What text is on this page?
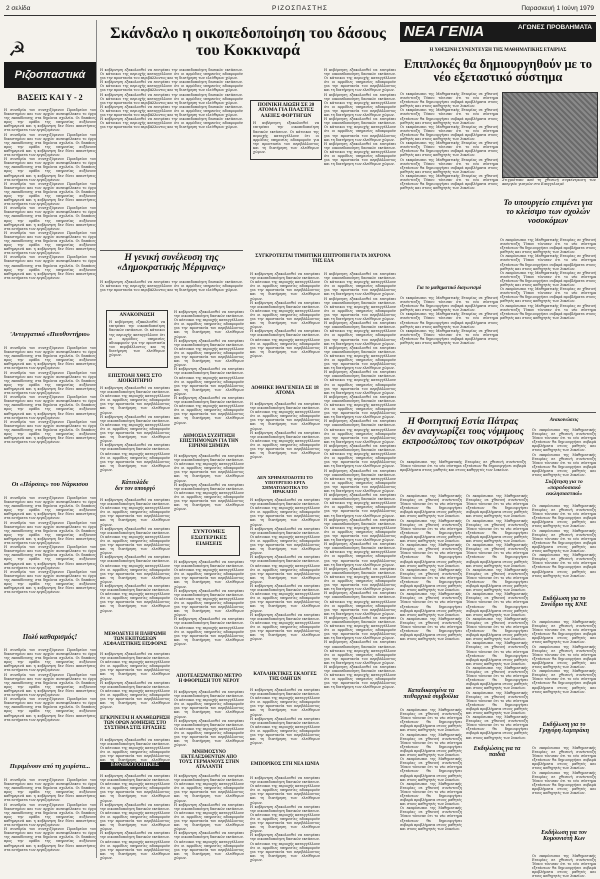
2 σελίδα	ΡΙΖΟΣΠΑΣΤΗΣ	Παρασκευή 1 Ιούνη 1979
☭
Ριζοσπαστικά
ΒΑΣΕΙΣ ΚΑΙ Υ - 2
Η συνεδρία του συνεχιζόμενου Προεδρείου του δικαστηρίου και των αρχών ανεπιφύλακτο το έργο της εκπαίδευσης στα δημόσια σχολεία. Οι δαπάνες προς την ομάδα της υπηρεσίας αυξάνουν καθημερινά και η κυβέρνηση δεν δίνει απαντήσεις στα αιτήματα των εργαζομένων.
Η συνεδρία του συνεχιζόμενου Προεδρείου του δικαστηρίου και των αρχών ανεπιφύλακτο το έργο της εκπαίδευσης στα δημόσια σχολεία. Οι δαπάνες προς την ομάδα της υπηρεσίας αυξάνουν καθημερινά και η κυβέρνηση δεν δίνει απαντήσεις στα αιτήματα των εργαζομένων.
Η συνεδρία του συνεχιζόμενου Προεδρείου του δικαστηρίου και των αρχών ανεπιφύλακτο το έργο της εκπαίδευσης στα δημόσια σχολεία. Οι δαπάνες προς την ομάδα της υπηρεσίας αυξάνουν καθημερινά και η κυβέρνηση δεν δίνει απαντήσεις στα αιτήματα των εργαζομένων.
Η συνεδρία του συνεχιζόμενου Προεδρείου του δικαστηρίου και των αρχών ανεπιφύλακτο το έργο της εκπαίδευσης στα δημόσια σχολεία. Οι δαπάνες προς την ομάδα της υπηρεσίας αυξάνουν καθημερινά και η κυβέρνηση δεν δίνει απαντήσεις στα αιτήματα των εργαζομένων.
Η συνεδρία του συνεχιζόμενου Προεδρείου του δικαστηρίου και των αρχών ανεπιφύλακτο το έργο της εκπαίδευσης στα δημόσια σχολεία. Οι δαπάνες προς την ομάδα της υπηρεσίας αυξάνουν καθημερινά και η κυβέρνηση δεν δίνει απαντήσεις στα αιτήματα των εργαζομένων.
Η συνεδρία του συνεχιζόμενου Προεδρείου του δικαστηρίου και των αρχών ανεπιφύλακτο το έργο της εκπαίδευσης στα δημόσια σχολεία. Οι δαπάνες προς την ομάδα της υπηρεσίας αυξάνουν καθημερινά και η κυβέρνηση δεν δίνει απαντήσεις στα αιτήματα των εργαζομένων.
Η συνεδρία του συνεχιζόμενου Προεδρείου του δικαστηρίου και των αρχών ανεπιφύλακτο το έργο της εκπαίδευσης στα δημόσια σχολεία. Οι δαπάνες προς την ομάδα της υπηρεσίας αυξάνουν καθημερινά και η κυβέρνηση δεν δίνει απαντήσεις στα αιτήματα των εργαζομένων.
'Αντεργατικό «Πιευθυντήριο»
Η συνεδρία του συνεχιζόμενου Προεδρείου του δικαστηρίου και των αρχών ανεπιφύλακτο το έργο της εκπαίδευσης στα δημόσια σχολεία. Οι δαπάνες προς την ομάδα της υπηρεσίας αυξάνουν καθημερινά και η κυβέρνηση δεν δίνει απαντήσεις στα αιτήματα των εργαζομένων.
Η συνεδρία του συνεχιζόμενου Προεδρείου του δικαστηρίου και των αρχών ανεπιφύλακτο το έργο της εκπαίδευσης στα δημόσια σχολεία. Οι δαπάνες προς την ομάδα της υπηρεσίας αυξάνουν καθημερινά και η κυβέρνηση δεν δίνει απαντήσεις στα αιτήματα των εργαζομένων.
Η συνεδρία του συνεχιζόμενου Προεδρείου του δικαστηρίου και των αρχών ανεπιφύλακτο το έργο της εκπαίδευσης στα δημόσια σχολεία. Οι δαπάνες προς την ομάδα της υπηρεσίας αυξάνουν καθημερινά και η κυβέρνηση δεν δίνει απαντήσεις στα αιτήματα των εργαζομένων.
Η συνεδρία του συνεχιζόμενου Προεδρείου του δικαστηρίου και των αρχών ανεπιφύλακτο το έργο της εκπαίδευσης στα δημόσια σχολεία. Οι δαπάνες προς την ομάδα της υπηρεσίας αυξάνουν καθημερινά και η κυβέρνηση δεν δίνει απαντήσεις στα αιτήματα των εργαζομένων.
Οι «Πόρσεις» του Νάρκισου
Η συνεδρία του συνεχιζόμενου Προεδρείου του δικαστηρίου και των αρχών ανεπιφύλακτο το έργο της εκπαίδευσης στα δημόσια σχολεία. Οι δαπάνες προς την ομάδα της υπηρεσίας αυξάνουν καθημερινά και η κυβέρνηση δεν δίνει απαντήσεις στα αιτήματα των εργαζομένων.
Η συνεδρία του συνεχιζόμενου Προεδρείου του δικαστηρίου και των αρχών ανεπιφύλακτο το έργο της εκπαίδευσης στα δημόσια σχολεία. Οι δαπάνες προς την ομάδα της υπηρεσίας αυξάνουν καθημερινά και η κυβέρνηση δεν δίνει απαντήσεις στα αιτήματα των εργαζομένων.
Η συνεδρία του συνεχιζόμενου Προεδρείου του δικαστηρίου και των αρχών ανεπιφύλακτο το έργο της εκπαίδευσης στα δημόσια σχολεία. Οι δαπάνες προς την ομάδα της υπηρεσίας αυξάνουν καθημερινά και η κυβέρνηση δεν δίνει απαντήσεις στα αιτήματα των εργαζομένων.
Η συνεδρία του συνεχιζόμενου Προεδρείου του δικαστηρίου και των αρχών ανεπιφύλακτο το έργο της εκπαίδευσης στα δημόσια σχολεία. Οι δαπάνες προς την ομάδα της υπηρεσίας αυξάνουν καθημερινά και η κυβέρνηση δεν δίνει απαντήσεις στα αιτήματα των εργαζομένων.
Πολύ καθαρισμός!
Η συνεδρία του συνεχιζόμενου Προεδρείου του δικαστηρίου και των αρχών ανεπιφύλακτο το έργο της εκπαίδευσης στα δημόσια σχολεία. Οι δαπάνες προς την ομάδα της υπηρεσίας αυξάνουν καθημερινά και η κυβέρνηση δεν δίνει απαντήσεις στα αιτήματα των εργαζομένων.
Η συνεδρία του συνεχιζόμενου Προεδρείου του δικαστηρίου και των αρχών ανεπιφύλακτο το έργο της εκπαίδευσης στα δημόσια σχολεία. Οι δαπάνες προς την ομάδα της υπηρεσίας αυξάνουν καθημερινά και η κυβέρνηση δεν δίνει απαντήσεις στα αιτήματα των εργαζομένων.
Η συνεδρία του συνεχιζόμενου Προεδρείου του δικαστηρίου και των αρχών ανεπιφύλακτο το έργο της εκπαίδευσης στα δημόσια σχολεία. Οι δαπάνες προς την ομάδα της υπηρεσίας αυξάνουν καθημερινά και η κυβέρνηση δεν δίνει απαντήσεις στα αιτήματα των εργαζομένων.
Περιμένουν από τη χειρίστα...
Η συνεδρία του συνεχιζόμενου Προεδρείου του δικαστηρίου και των αρχών ανεπιφύλακτο το έργο της εκπαίδευσης στα δημόσια σχολεία. Οι δαπάνες προς την ομάδα της υπηρεσίας αυξάνουν καθημερινά και η κυβέρνηση δεν δίνει απαντήσεις στα αιτήματα των εργαζομένων.
Η συνεδρία του συνεχιζόμενου Προεδρείου του δικαστηρίου και των αρχών ανεπιφύλακτο το έργο της εκπαίδευσης στα δημόσια σχολεία. Οι δαπάνες προς την ομάδα της υπηρεσίας αυξάνουν καθημερινά και η κυβέρνηση δεν δίνει απαντήσεις στα αιτήματα των εργαζομένων.
Η συνεδρία του συνεχιζόμενου Προεδρείου του δικαστηρίου και των αρχών ανεπιφύλακτο το έργο της εκπαίδευσης στα δημόσια σχολεία. Οι δαπάνες προς την ομάδα της υπηρεσίας αυξάνουν καθημερινά και η κυβέρνηση δεν δίνει απαντήσεις στα αιτήματα των εργαζομένων.
Σκάνδαλο η οικοπεδοποίηση του δάσους του Κοκκιναρά
Η κυβέρνηση εξακολουθεί να επιτρέπει την οικοπεδοποίηση δασικών εκτάσεων. Οι κάτοικοι της περιοχής καταγγέλλουν ότι οι αρμόδιες υπηρεσίες αδιαφορούν για την προστασία του περιβάλλοντος και τη διατήρηση των ελεύθερων χώρων.
Η κυβέρνηση εξακολουθεί να επιτρέπει την οικοπεδοποίηση δασικών εκτάσεων. Οι κάτοικοι της περιοχής καταγγέλλουν ότι οι αρμόδιες υπηρεσίες αδιαφορούν για την προστασία του περιβάλλοντος και τη διατήρηση των ελεύθερων χώρων.
Η κυβέρνηση εξακολουθεί να επιτρέπει την οικοπεδοποίηση δασικών εκτάσεων. Οι κάτοικοι της περιοχής καταγγέλλουν ότι οι αρμόδιες υπηρεσίες αδιαφορούν για την προστασία του περιβάλλοντος και τη διατήρηση των ελεύθερων χώρων.
Η κυβέρνηση εξακολουθεί να επιτρέπει την οικοπεδοποίηση δασικών εκτάσεων. Οι κάτοικοι της περιοχής καταγγέλλουν ότι οι αρμόδιες υπηρεσίες αδιαφορούν για την προστασία του περιβάλλοντος και τη διατήρηση των ελεύθερων χώρων.
Η κυβέρνηση εξακολουθεί να επιτρέπει την οικοπεδοποίηση δασικών εκτάσεων. Οι κάτοικοι της περιοχής καταγγέλλουν ότι οι αρμόδιες υπηρεσίες αδιαφορούν για την προστασία του περιβάλλοντος και τη διατήρηση των ελεύθερων χώρων.
ΠΟΙΝΙΚΗ ΔΙΩΞΗ ΣΕ 20 ΑΤΟΜΑ ΓΙΑ ΠΛΑΣΤΕΣ ΑΔΕΙΕΣ ΦΟΡΤΗΓΩΝ
Η κυβέρνηση εξακολουθεί να επιτρέπει την οικοπεδοποίηση δασικών εκτάσεων. Οι κάτοικοι της περιοχής καταγγέλλουν ότι οι αρμόδιες υπηρεσίες αδιαφορούν για την προστασία του περιβάλλοντος και τη διατήρηση των ελεύθερων χώρων.
Η κυβέρνηση εξακολουθεί να επιτρέπει την οικοπεδοποίηση δασικών εκτάσεων. Οι κάτοικοι της περιοχής καταγγέλλουν ότι οι αρμόδιες υπηρεσίες αδιαφορούν για την προστασία του περιβάλλοντος και τη διατήρηση των ελεύθερων χώρων.
Η κυβέρνηση εξακολουθεί να επιτρέπει την οικοπεδοποίηση δασικών εκτάσεων. Οι κάτοικοι της περιοχής καταγγέλλουν ότι οι αρμόδιες υπηρεσίες αδιαφορούν για την προστασία του περιβάλλοντος και τη διατήρηση των ελεύθερων χώρων.
Η κυβέρνηση εξακολουθεί να επιτρέπει την οικοπεδοποίηση δασικών εκτάσεων. Οι κάτοικοι της περιοχής καταγγέλλουν ότι οι αρμόδιες υπηρεσίες αδιαφορούν για την προστασία του περιβάλλοντος και τη διατήρηση των ελεύθερων χώρων.
Η κυβέρνηση εξακολουθεί να επιτρέπει την οικοπεδοποίηση δασικών εκτάσεων. Οι κάτοικοι της περιοχής καταγγέλλουν ότι οι αρμόδιες υπηρεσίες αδιαφορούν για την προστασία του περιβάλλοντος και τη διατήρηση των ελεύθερων χώρων.
Η γενική συνέλευση της «Δημοκρατικής Μέριμνας»
Η κυβέρνηση εξακολουθεί να επιτρέπει την οικοπεδοποίηση δασικών εκτάσεων. Οι κάτοικοι της περιοχής καταγγέλλουν ότι οι αρμόδιες υπηρεσίες αδιαφορούν για την προστασία του περιβάλλοντος και τη διατήρηση των ελεύθερων χώρων.
ΑΝΑΚΟΙΝΩΣΗ
Η κυβέρνηση εξακολουθεί να επιτρέπει την οικοπεδοποίηση δασικών εκτάσεων. Οι κάτοικοι της περιοχής καταγγέλλουν ότι οι αρμόδιες υπηρεσίες αδιαφορούν για την προστασία του περιβάλλοντος και τη διατήρηση των ελεύθερων χώρων.
ΕΠΙΣΤΟΛΗ ΧΘΕΣ ΣΤΟ ΔΙΟΙΚΗΤΗΡΙΟ
Η κυβέρνηση εξακολουθεί να επιτρέπει την οικοπεδοποίηση δασικών εκτάσεων. Οι κάτοικοι της περιοχής καταγγέλλουν ότι οι αρμόδιες υπηρεσίες αδιαφορούν για την προστασία του περιβάλλοντος και τη διατήρηση των ελεύθερων χώρων.
Η κυβέρνηση εξακολουθεί να επιτρέπει την οικοπεδοποίηση δασικών εκτάσεων. Οι κάτοικοι της περιοχής καταγγέλλουν ότι οι αρμόδιες υπηρεσίες αδιαφορούν για την προστασία του περιβάλλοντος και τη διατήρηση των ελεύθερων χώρων.
Η κυβέρνηση εξακολουθεί να επιτρέπει την οικοπεδοποίηση δασικών εκτάσεων. Οι κάτοικοι της περιοχής καταγγέλλουν ότι οι αρμόδιες υπηρεσίες αδιαφορούν για την προστασία του περιβάλλοντος και τη διατήρηση των ελεύθερων χώρων.
Κάτευλάδε
δεν τον υπουργό
Η κυβέρνηση εξακολουθεί να επιτρέπει την οικοπεδοποίηση δασικών εκτάσεων. Οι κάτοικοι της περιοχής καταγγέλλουν ότι οι αρμόδιες υπηρεσίες αδιαφορούν για την προστασία του περιβάλλοντος και τη διατήρηση των ελεύθερων χώρων.
Η κυβέρνηση εξακολουθεί να επιτρέπει την οικοπεδοποίηση δασικών εκτάσεων. Οι κάτοικοι της περιοχής καταγγέλλουν ότι οι αρμόδιες υπηρεσίες αδιαφορούν για την προστασία του περιβάλλοντος και τη διατήρηση των ελεύθερων χώρων.
Η κυβέρνηση εξακολουθεί να επιτρέπει την οικοπεδοποίηση δασικών εκτάσεων. Οι κάτοικοι της περιοχής καταγγέλλουν ότι οι αρμόδιες υπηρεσίες αδιαφορούν για την προστασία του περιβάλλοντος και τη διατήρηση των ελεύθερων χώρων.
Η κυβέρνηση εξακολουθεί να επιτρέπει την οικοπεδοποίηση δασικών εκτάσεων. Οι κάτοικοι της περιοχής καταγγέλλουν ότι οι αρμόδιες υπηρεσίες αδιαφορούν για την προστασία του περιβάλλοντος και τη διατήρηση των ελεύθερων χώρων.
ΜΕΘΟΔΕΥΕΙ Η ΠΛΗΡΩΜΗ ΤΩΝ ΕΚΠΤΩΣΕΩΝ ΑΣΦΑΛΙΣΤΙΚΗΣ ΕΙΣΦΟΡΑΣ
Η κυβέρνηση εξακολουθεί να επιτρέπει την οικοπεδοποίηση δασικών εκτάσεων. Οι κάτοικοι της περιοχής καταγγέλλουν ότι οι αρμόδιες υπηρεσίες αδιαφορούν για την προστασία του περιβάλλοντος και τη διατήρηση των ελεύθερων χώρων.
Η κυβέρνηση εξακολουθεί να επιτρέπει την οικοπεδοποίηση δασικών εκτάσεων. Οι κάτοικοι της περιοχής καταγγέλλουν ότι οι αρμόδιες υπηρεσίες αδιαφορούν για την προστασία του περιβάλλοντος και τη διατήρηση των ελεύθερων χώρων.
ΕΓΚΡΙΝΕΤΑΙ Η ΑΝΑΘΕΩΡΗΣΗ ΤΩΝ ΟΡΩΝ ΔΟΜΗΣΗΣ ΣΤΟ ΣΥΣΤΗΜΑ ΣΤΙΣ ΕΡΓΑΣΙΕΣ
Η κυβέρνηση εξακολουθεί να επιτρέπει την οικοπεδοποίηση δασικών εκτάσεων. Οι κάτοικοι της περιοχής καταγγέλλουν ότι οι αρμόδιες υπηρεσίες αδιαφορούν για την προστασία του περιβάλλοντος και τη διατήρηση των ελεύθερων
ΕΘΝΙΚΟΤΟΠΙΚΕΣ
Η κυβέρνηση εξακολουθεί να επιτρέπει την οικοπεδοποίηση δασικών εκτάσεων. Οι κάτοικοι της περιοχής καταγγέλλουν ότι οι αρμόδιες υπηρεσίες αδιαφορούν για την προστασία του περιβάλλοντος και τη διατήρηση των ελεύθερων χώρων.
Η κυβέρνηση εξακολουθεί να επιτρέπει την οικοπεδοποίηση δασικών εκτάσεων. Οι κάτοικοι της περιοχής καταγγέλλουν ότι οι αρμόδιες υπηρεσίες αδιαφορούν για την προστασία του περιβάλλοντος και τη διατήρηση των ελεύθερων χώρων.
Η κυβέρνηση εξακολουθεί να επιτρέπει την οικοπεδοποίηση δασικών εκτάσεων. Οι κάτοικοι της περιοχής καταγγέλλουν ότι οι αρμόδιες υπηρεσίες αδιαφορούν για την προστασία του περιβάλλοντος και τη διατήρηση των ελεύθερων χώρων.
Η κυβέρνηση εξακολουθεί να επιτρέπει την οικοπεδοποίηση δασικών εκτάσεων. Οι κάτοικοι της περιοχής καταγγέλλουν ότι οι αρμόδιες υπηρεσίες αδιαφορούν για την προστασία του περιβάλλοντος και τη διατήρηση των ελεύθερων χώρων.
Η κυβέρνηση εξακολουθεί να επιτρέπει την οικοπεδοποίηση δασικών εκτάσεων. Οι κάτοικοι της περιοχής καταγγέλλουν ότι οι αρμόδιες υπηρεσίες αδιαφορούν για την προστασία του περιβάλλοντος και τη διατήρηση των ελεύθερων χώρων.
Η κυβέρνηση εξακολουθεί να επιτρέπει την οικοπεδοποίηση δασικών εκτάσεων. Οι κάτοικοι της περιοχής καταγγέλλουν ότι οι αρμόδιες υπηρεσίες αδιαφορούν για την προστασία του περιβάλλοντος και τη διατήρηση των ελεύθερων χώρων.
Η κυβέρνηση εξακολουθεί να επιτρέπει την οικοπεδοποίηση δασικών εκτάσεων. Οι κάτοικοι της περιοχής καταγγέλλουν ότι οι αρμόδιες υπηρεσίες αδιαφορούν για την προστασία του περιβάλλοντος και τη διατήρηση των ελεύθερων χώρων.
ΔΗΜΟΣΙΑ ΣΥΖΗΤΗΣΗ ΕΠΙΣΤΗΜΟΝΩΝ ΓΙΑ ΤΗΝ ΕΙΡΗΝΗ ΣΗΜΕΡΑ
Η κυβέρνηση εξακολουθεί να επιτρέπει την οικοπεδοποίηση δασικών εκτάσεων. Οι κάτοικοι της περιοχής καταγγέλλουν ότι οι αρμόδιες υπηρεσίες αδιαφορούν για την προστασία του περιβάλλοντος και τη διατήρηση των ελεύθερων χώρων.
Η κυβέρνηση εξακολουθεί να επιτρέπει την οικοπεδοποίηση δασικών εκτάσεων. Οι κάτοικοι της περιοχής καταγγέλλουν ότι οι αρμόδιες υπηρεσίες αδιαφορούν για την προστασία του περιβάλλοντος και τη διατήρηση των ελεύθερων χώρων.
ΣΥΝΤΟΜΕΣ ΕΣΩΤΕΡΙΚΕΣ ΕΙΔΗΣΕΙΣ
Η κυβέρνηση εξακολουθεί να επιτρέπει την οικοπεδοποίηση δασικών εκτάσεων. Οι κάτοικοι της περιοχής καταγγέλλουν ότι οι αρμόδιες υπηρεσίες αδιαφορούν για την προστασία του περιβάλλοντος και τη διατήρηση των ελεύθερων χώρων.
Η κυβέρνηση εξακολουθεί να επιτρέπει την οικοπεδοποίηση δασικών εκτάσεων. Οι κάτοικοι της περιοχής καταγγέλλουν ότι οι αρμόδιες υπηρεσίες αδιαφορούν για την προστασία του περιβάλλοντος και τη διατήρηση των ελεύθερων χώρων.
Η κυβέρνηση εξακολουθεί να επιτρέπει την οικοπεδοποίηση δασικών εκτάσεων. Οι κάτοικοι της περιοχής καταγγέλλουν ότι οι αρμόδιες υπηρεσίες αδιαφορούν για την προστασία του περιβάλλοντος και τη διατήρηση των ελεύθερων χώρων.
ΑΠΟΤΕΛΕΣΜΑΤΙΚΟ ΜΕΤΡΟ Η ΦΘΟΡΙΩΣΗ ΤΟΥ ΝΕΡΟΥ
Η κυβέρνηση εξακολουθεί να επιτρέπει την οικοπεδοποίηση δασικών εκτάσεων. Οι κάτοικοι της περιοχής καταγγέλλουν ότι οι αρμόδιες υπηρεσίες αδιαφορούν για την προστασία του περιβάλλοντος και τη διατήρηση των ελεύθερων χώρων.
Η κυβέρνηση εξακολουθεί να επιτρέπει την οικοπεδοποίηση δασικών εκτάσεων. Οι κάτοικοι της περιοχής καταγγέλλουν ότι οι αρμόδιες υπηρεσίες αδιαφορούν για την προστασία του περιβάλλοντος και τη διατήρηση των ελεύθερων χώρων.
ΜΝΗΜΟΣΥΝΟ ΕΚΤΕΛΕΣΘΕΝΤΩΝ ΑΠΟ ΤΟΥΣ ΓΕΡΜΑΝΟΥΣ ΣΤΗΝ ΑΤΑΛΑΝΤΗ
Η κυβέρνηση εξακολουθεί να επιτρέπει την οικοπεδοποίηση δασικών εκτάσεων. Οι κάτοικοι της περιοχής καταγγέλλουν ότι οι αρμόδιες υπηρεσίες αδιαφορούν για την προστασία του περιβάλλοντος και τη διατήρηση των ελεύθερων χώρων.
Η κυβέρνηση εξακολουθεί να επιτρέπει την οικοπεδοποίηση δασικών εκτάσεων. Οι κάτοικοι της περιοχής καταγγέλλουν ότι οι αρμόδιες υπηρεσίες αδιαφορούν για την προστασία του περιβάλλοντος και τη διατήρηση των ελεύθερων χώρων.
Η κυβέρνηση εξακολουθεί να επιτρέπει την οικοπεδοποίηση δασικών εκτάσεων. Οι κάτοικοι της περιοχής καταγγέλλουν ότι οι αρμόδιες υπηρεσίες αδιαφορούν για την προστασία του περιβάλλοντος και τη διατήρηση των ελεύθερων χώρων.
ΣΥΓΚΡΟΤΕΙΤΑΙ ΤΙΜΗΤΙΚΗ ΕΠΙΤΡΟΠΗ ΓΙΑ ΤΑ 30ΧΡΟΝΑ ΤΗΣ ΕΔΑ
Η κυβέρνηση εξακολουθεί να επιτρέπει την οικοπεδοποίηση δασικών εκτάσεων. Οι κάτοικοι της περιοχής καταγγέλλουν ότι οι αρμόδιες υπηρεσίες αδιαφορούν για την προστασία του περιβάλλοντος και τη διατήρηση των ελεύθερων χώρων.
Η κυβέρνηση εξακολουθεί να επιτρέπει την οικοπεδοποίηση δασικών εκτάσεων. Οι κάτοικοι της περιοχής καταγγέλλουν ότι οι αρμόδιες υπηρεσίες αδιαφορούν για την προστασία του περιβάλλοντος και τη διατήρηση των ελεύθερων χώρων.
Η κυβέρνηση εξακολουθεί να επιτρέπει την οικοπεδοποίηση δασικών εκτάσεων. Οι κάτοικοι της περιοχής καταγγέλλουν ότι οι αρμόδιες υπηρεσίες αδιαφορούν για την προστασία του περιβάλλοντος και τη διατήρηση των ελεύθερων χώρων.
ΔΟΘΗΚΕ ΙΘΑΓΕΝΕΙΑ ΣΕ 18 ΑΤΟΜΑ
Η κυβέρνηση εξακολουθεί να επιτρέπει την οικοπεδοποίηση δασικών εκτάσεων. Οι κάτοικοι της περιοχής καταγγέλλουν ότι οι αρμόδιες υπηρεσίες αδιαφορούν για την προστασία του περιβάλλοντος και τη διατήρηση των ελεύθερων χώρων.
Η κυβέρνηση εξακολουθεί να επιτρέπει την οικοπεδοποίηση δασικών εκτάσεων. Οι κάτοικοι της περιοχής καταγγέλλουν ότι οι αρμόδιες υπηρεσίες αδιαφορούν για την προστασία του περιβάλλοντος και τη διατήρηση των ελεύθερων χώρων.
ΔΕΝ ΧΡΗΜΑΤΟΔΟΤΕΙ ΤΟ ΥΠΟΥΡΓΕΙΟ ΕΡΓΑ ΣΗΜΑΤΟΔΟΤΙΚΑ ΤΟ ΗΡΑΚΛΕΙΟ
Η κυβέρνηση εξακολουθεί να επιτρέπει την οικοπεδοποίηση δασικών εκτάσεων. Οι κάτοικοι της περιοχής καταγγέλλουν ότι οι αρμόδιες υπηρεσίες αδιαφορούν για την προστασία του περιβάλλοντος και τη διατήρηση των ελεύθερων χώρων.
Η κυβέρνηση εξακολουθεί να επιτρέπει την οικοπεδοποίηση δασικών εκτάσεων. Οι κάτοικοι της περιοχής καταγγέλλουν ότι οι αρμόδιες υπηρεσίες αδιαφορούν για την προστασία του περιβάλλοντος και τη διατήρηση των ελεύθερων χώρων.
Η κυβέρνηση εξακολουθεί να επιτρέπει την οικοπεδοποίηση δασικών εκτάσεων. Οι κάτοικοι της περιοχής καταγγέλλουν ότι οι αρμόδιες υπηρεσίες αδιαφορούν για την προστασία του περιβάλλοντος και τη διατήρηση των ελεύθερων χώρων.
Η κυβέρνηση εξακολουθεί να επιτρέπει την οικοπεδοποίηση δασικών εκτάσεων. Οι κάτοικοι της περιοχής καταγγέλλουν ότι οι αρμόδιες υπηρεσίες αδιαφορούν για την προστασία του περιβάλλοντος και τη διατήρηση των ελεύθερων χώρων.
Η κυβέρνηση εξακολουθεί να επιτρέπει την οικοπεδοποίηση δασικών εκτάσεων. Οι κάτοικοι της περιοχής καταγγέλλουν ότι οι αρμόδιες υπηρεσίες αδιαφορούν για την προστασία του περιβάλλοντος και τη διατήρηση των ελεύθερων χώρων.
ΚΑΤΑΛΗΚΤΙΚΕΣ ΕΚΛΟΓΕΣ ΤΗΣ ΟΔΗΓΩΝ
Η κυβέρνηση εξακολουθεί να επιτρέπει την οικοπεδοποίηση δασικών εκτάσεων. Οι κάτοικοι της περιοχής καταγγέλλουν ότι οι αρμόδιες υπηρεσίες αδιαφορούν για την προστασία του περιβάλλοντος και τη διατήρηση των ελεύθερων χώρων.
Η κυβέρνηση εξακολουθεί να επιτρέπει την οικοπεδοποίηση δασικών εκτάσεων. Οι κάτοικοι της περιοχής καταγγέλλουν ότι οι αρμόδιες υπηρεσίες αδιαφορούν για την προστασία του περιβάλλοντος και τη διατήρηση των ελεύθερων χώρων.
ΕΜΠΟΡΙΚΟΣ ΣΤΗ ΝΕΑ ΙΩΝΙΑ
Η κυβέρνηση εξακολουθεί να επιτρέπει την οικοπεδοποίηση δασικών εκτάσεων. Οι κάτοικοι της περιοχής καταγγέλλουν ότι οι αρμόδιες υπηρεσίες αδιαφορούν για την προστασία του περιβάλλοντος και τη διατήρηση των ελεύθερων χώρων.
Η κυβέρνηση εξακολουθεί να επιτρέπει την οικοπεδοποίηση δασικών εκτάσεων. Οι κάτοικοι της περιοχής καταγγέλλουν ότι οι αρμόδιες υπηρεσίες αδιαφορούν για την προστασία του περιβάλλοντος και τη διατήρηση των ελεύθερων χώρων.
Η κυβέρνηση εξακολουθεί να επιτρέπει την οικοπεδοποίηση δασικών εκτάσεων. Οι κάτοικοι της περιοχής καταγγέλλουν ότι οι αρμόδιες υπηρεσίες αδιαφορούν για την προστασία του περιβάλλοντος και τη διατήρηση των ελεύθερων χώρων.
Η κυβέρνηση εξακολουθεί να επιτρέπει την οικοπεδοποίηση δασικών εκτάσεων. Οι κάτοικοι της περιοχής καταγγέλλουν ότι οι αρμόδιες υπηρεσίες αδιαφορούν για την προστασία του περιβάλλοντος και τη διατήρηση των ελεύθερων χώρων.
Η κυβέρνηση εξακολουθεί να επιτρέπει την οικοπεδοποίηση δασικών εκτάσεων. Οι κάτοικοι της περιοχής καταγγέλλουν ότι οι αρμόδιες υπηρεσίες αδιαφορούν για την προστασία του περιβάλλοντος και τη διατήρηση των ελεύθερων χώρων.
Η κυβέρνηση εξακολουθεί να επιτρέπει την οικοπεδοποίηση δασικών εκτάσεων. Οι κάτοικοι της περιοχής καταγγέλλουν ότι οι αρμόδιες υπηρεσίες αδιαφορούν για την προστασία του περιβάλλοντος και τη διατήρηση των ελεύθερων χώρων.
Η κυβέρνηση εξακολουθεί να επιτρέπει την οικοπεδοποίηση δασικών εκτάσεων. Οι κάτοικοι της περιοχής καταγγέλλουν ότι οι αρμόδιες υπηρεσίες αδιαφορούν για την προστασία του περιβάλλοντος και τη διατήρηση των ελεύθερων χώρων.
Η κυβέρνηση εξακολουθεί να επιτρέπει την οικοπεδοποίηση δασικών εκτάσεων. Οι κάτοικοι της περιοχής καταγγέλλουν ότι οι αρμόδιες υπηρεσίες αδιαφορούν για την προστασία του περιβάλλοντος και τη διατήρηση των ελεύθερων χώρων.
Η κυβέρνηση εξακολουθεί να επιτρέπει την οικοπεδοποίηση δασικών εκτάσεων. Οι κάτοικοι της περιοχής καταγγέλλουν ότι οι αρμόδιες υπηρεσίες αδιαφορούν για την προστασία του περιβάλλοντος και τη διατήρηση των ελεύθερων χώρων.
Η κυβέρνηση εξακολουθεί να επιτρέπει την οικοπεδοποίηση δασικών εκτάσεων. Οι κάτοικοι της περιοχής καταγγέλλουν ότι οι αρμόδιες υπηρεσίες αδιαφορούν για την προστασία του περιβάλλοντος και τη διατήρηση των ελεύθερων χώρων.
Η κυβέρνηση εξακολουθεί να επιτρέπει την οικοπεδοποίηση δασικών εκτάσεων. Οι κάτοικοι της περιοχής καταγγέλλουν ότι οι αρμόδιες υπηρεσίες αδιαφορούν για την προστασία του περιβάλλοντος και τη διατήρηση των ελεύθερων χώρων.
Η κυβέρνηση εξακολουθεί να επιτρέπει την οικοπεδοποίηση δασικών εκτάσεων. Οι κάτοικοι της περιοχής καταγγέλλουν ότι οι αρμόδιες υπηρεσίες αδιαφορούν για την προστασία του περιβάλλοντος και τη διατήρηση των ελεύθερων χώρων.
Η κυβέρνηση εξακολουθεί να επιτρέπει την οικοπεδοποίηση δασικών εκτάσεων. Οι κάτοικοι της περιοχής καταγγέλλουν ότι οι αρμόδιες υπηρεσίες αδιαφορούν για την προστασία του περιβάλλοντος και τη διατήρηση των ελεύθερων χώρων.
Η κυβέρνηση εξακολουθεί να επιτρέπει την οικοπεδοποίηση δασικών εκτάσεων. Οι κάτοικοι της περιοχής καταγγέλλουν ότι οι αρμόδιες υπηρεσίες αδιαφορούν για την προστασία του περιβάλλοντος και τη διατήρηση των ελεύθερων χώρων.
Η κυβέρνηση εξακολουθεί να επιτρέπει την οικοπεδοποίηση δασικών εκτάσεων. Οι κάτοικοι της περιοχής καταγγέλλουν ότι οι αρμόδιες υπηρεσίες αδιαφορούν για την προστασία του περιβάλλοντος και τη διατήρηση των ελεύθερων χώρων.
Η κυβέρνηση εξακολουθεί να επιτρέπει την οικοπεδοποίηση δασικών εκτάσεων. Οι κάτοικοι της περιοχής καταγγέλλουν ότι οι αρμόδιες υπηρεσίες αδιαφορούν για την προστασία του περιβάλλοντος και τη διατήρηση των ελεύθερων χώρων.
Η κυβέρνηση εξακολουθεί να επιτρέπει την οικοπεδοποίηση δασικών εκτάσεων. Οι κάτοικοι της περιοχής καταγγέλλουν ότι οι αρμόδιες υπηρεσίες αδιαφορούν για την προστασία του περιβάλλοντος και τη διατήρηση των ελεύθερων χώρων.
Η κυβέρνηση εξακολουθεί να επιτρέπει την οικοπεδοποίηση δασικών εκτάσεων. Οι κάτοικοι της περιοχής καταγγέλλουν ότι οι αρμόδιες υπηρεσίες αδιαφορούν για την προστασία του περιβάλλοντος και τη διατήρηση των ελεύθερων χώρων.
Η κυβέρνηση εξακολουθεί να επιτρέπει την οικοπεδοποίηση δασικών εκτάσεων. Οι κάτοικοι της περιοχής καταγγέλλουν ότι οι αρμόδιες υπηρεσίες αδιαφορούν για την προστασία του περιβάλλοντος και τη διατήρηση των ελεύθερων χώρων.
Η κυβέρνηση εξακολουθεί να επιτρέπει την οικοπεδοποίηση δασικών εκτάσεων. Οι κάτοικοι της περιοχής καταγγέλλουν ότι οι αρμόδιες υπηρεσίες αδιαφορούν για την προστασία του περιβάλλοντος και τη διατήρηση των ελεύθερων χώρων.
ΝΕΑ ΓΕΝΙΑ	ΑΓΩΝΕΣ ΠΡΟΒΛΗΜΑΤΑ
Η ΧΘΕΣΙΝΗ ΣΥΝΕΝΤΕΥΞΗ ΤΗΣ ΜΑΘΗΜΑΤΙΚΗΣ ΕΤΑΙΡΙΑΣ
Επιπλοκές θα δημιουργηθούν με το νέο εξεταστικό σύστημα
Οι εκπρόσωποι της Μαθηματικής Εταιρίας σε χθεσινή συνέντευξη Τύπου τόνισαν ότι το νέο σύστημα εξετάσεων θα δημιουργήσει σοβαρά προβλήματα στους μαθητές και στους καθηγητές των λυκείων.
Οι εκπρόσωποι της Μαθηματικής Εταιρίας σε χθεσινή συνέντευξη Τύπου τόνισαν ότι το νέο σύστημα εξετάσεων θα δημιουργήσει σοβαρά προβλήματα στους μαθητές και στους καθηγητές των λυκείων.
Οι εκπρόσωποι της Μαθηματικής Εταιρίας σε χθεσινή συνέντευξη Τύπου τόνισαν ότι το νέο σύστημα εξετάσεων θα δημιουργήσει σοβαρά προβλήματα στους μαθητές και στους καθηγητές των λυκείων.
Οι εκπρόσωποι της Μαθηματικής Εταιρίας σε χθεσινή συνέντευξη Τύπου τόνισαν ότι το νέο σύστημα εξετάσεων θα δημιουργήσει σοβαρά προβλήματα στους μαθητές και στους καθηγητές των λυκείων.
Οι εκπρόσωποι της Μαθηματικής Εταιρίας σε χθεσινή συνέντευξη Τύπου τόνισαν ότι το νέο σύστημα εξετάσεων θα δημιουργήσει σοβαρά προβλήματα στους μαθητές και στους καθηγητές των λυκείων.
Οι εκπρόσωποι της Μαθηματικής Εταιρίας σε χθεσινή συνέντευξη Τύπου τόνισαν ότι το νέο σύστημα εξετάσεων θα δημιουργήσει σοβαρά προβλήματα στους μαθητές και στους καθηγητές των λυκείων.
Στιγμιότυπο από τη χθεσινή συγκέντρωση των απεργών γιατρών στο Ευαγγελισμό
Το υπουργείο επιμένει για το κλείσιμο των σχολών νοσοκόμων
Οι εκπρόσωποι της Μαθηματικής Εταιρίας σε χθεσινή συνέντευξη Τύπου τόνισαν ότι το νέο σύστημα εξετάσεων θα δημιουργήσει σοβαρά προβλήματα στους μαθητές και στους καθηγητές των λυκείων.
Οι εκπρόσωποι της Μαθηματικής Εταιρίας σε χθεσινή συνέντευξη Τύπου τόνισαν ότι το νέο σύστημα εξετάσεων θα δημιουργήσει σοβαρά προβλήματα στους μαθητές και στους καθηγητές των λυκείων.
Οι εκπρόσωποι της Μαθηματικής Εταιρίας σε χθεσινή συνέντευξη Τύπου τόνισαν ότι το νέο σύστημα εξετάσεων θα δημιουργήσει σοβαρά προβλήματα στους μαθητές και στους καθηγητές των λυκείων.
Για το μαθηματικό διαγωνισμό
Οι εκπρόσωποι της Μαθηματικής Εταιρίας σε χθεσινή συνέντευξη Τύπου τόνισαν ότι το νέο σύστημα εξετάσεων θα δημιουργήσει σοβαρά προβλήματα στους μαθητές και στους καθηγητές των λυκείων.
Οι εκπρόσωποι της Μαθηματικής Εταιρίας σε χθεσινή συνέντευξη Τύπου τόνισαν ότι το νέο σύστημα εξετάσεων θα δημιουργήσει σοβαρά προβλήματα στους μαθητές και στους καθηγητές των λυκείων.
Οι εκπρόσωποι της Μαθηματικής Εταιρίας σε χθεσινή συνέντευξη Τύπου τόνισαν ότι το νέο σύστημα εξετάσεων θα δημιουργήσει σοβαρά προβλήματα στους μαθητές και στους καθηγητές των λυκείων.
Οι εκπρόσωποι της Μαθηματικής Εταιρίας σε χθεσινή συνέντευξη Τύπου τόνισαν ότι το νέο σύστημα εξετάσεων θα δημιουργήσει σοβαρά προβλήματα στους μαθητές και στους καθηγητές των λυκείων.
Οι εκπρόσωποι της Μαθηματικής Εταιρίας σε χθεσινή συνέντευξη Τύπου τόνισαν ότι το νέο σύστημα εξετάσεων θα δημιουργήσει σοβαρά προβλήματα στους μαθητές και στους καθηγητές των λυκείων.
Η Φοιτητική Εστία Πάτρας δεν αναγνωρίζει τους νόμιμους εκπροσώπους των οικοτρόφων
Οι εκπρόσωποι της Μαθηματικής Εταιρίας σε χθεσινή συνέντευξη Τύπου τόνισαν ότι το νέο σύστημα εξετάσεων θα δημιουργήσει σοβαρά προβλήματα στους μαθητές και στους καθηγητές των λυκείων.
Οι εκπρόσωποι της Μαθηματικής Εταιρίας σε χθεσινή συνέντευξη Τύπου τόνισαν ότι το νέο σύστημα εξετάσεων θα δημιουργήσει σοβαρά προβλήματα στους μαθητές και στους καθηγητές των λυκείων.
Οι εκπρόσωποι της Μαθηματικής Εταιρίας σε χθεσινή συνέντευξη Τύπου τόνισαν ότι το νέο σύστημα εξετάσεων θα δημιουργήσει σοβαρά προβλήματα στους μαθητές και στους καθηγητές των λυκείων.
Οι εκπρόσωποι της Μαθηματικής Εταιρίας σε χθεσινή συνέντευξη Τύπου τόνισαν ότι το νέο σύστημα εξετάσεων θα δημιουργήσει σοβαρά προβλήματα στους μαθητές και στους καθηγητές των λυκείων.
Οι εκπρόσωποι της Μαθηματικής Εταιρίας σε χθεσινή συνέντευξη Τύπου τόνισαν ότι το νέο σύστημα εξετάσεων θα δημιουργήσει σοβαρά προβλήματα στους μαθητές και στους καθηγητές των λυκείων.
Οι εκπρόσωποι της Μαθηματικής Εταιρίας σε χθεσινή συνέντευξη Τύπου τόνισαν ότι το νέο σύστημα εξετάσεων θα δημιουργήσει σοβαρά προβλήματα στους μαθητές και στους καθηγητές των λυκείων.
Οι εκπρόσωποι της Μαθηματικής Εταιρίας σε χθεσινή συνέντευξη Τύπου τόνισαν ότι το νέο σύστημα εξετάσεων θα δημιουργήσει σοβαρά προβλήματα στους μαθητές και στους καθηγητές των λυκείων.
Καταδικασμένα τα πειθαρχικά συμβούλια
Οι εκπρόσωποι της Μαθηματικής Εταιρίας σε χθεσινή συνέντευξη Τύπου τόνισαν ότι το νέο σύστημα εξετάσεων θα δημιουργήσει σοβαρά προβλήματα στους μαθητές και στους καθηγητές των λυκείων.
Οι εκπρόσωποι της Μαθηματικής Εταιρίας σε χθεσινή συνέντευξη Τύπου τόνισαν ότι το νέο σύστημα εξετάσεων θα δημιουργήσει σοβαρά προβλήματα στους μαθητές και στους καθηγητές των λυκείων.
Οι εκπρόσωποι της Μαθηματικής Εταιρίας σε χθεσινή συνέντευξη Τύπου τόνισαν ότι το νέο σύστημα εξετάσεων θα δημιουργήσει σοβαρά προβλήματα στους μαθητές και στους καθηγητές των λυκείων.
Οι εκπρόσωποι της Μαθηματικής Εταιρίας σε χθεσινή συνέντευξη Τύπου τόνισαν ότι το νέο σύστημα εξετάσεων θα δημιουργήσει σοβαρά προβλήματα στους μαθητές και στους καθηγητές των λυκείων.
Οι εκπρόσωποι της Μαθηματικής Εταιρίας σε χθεσινή συνέντευξη Τύπου τόνισαν ότι το νέο σύστημα εξετάσεων θα δημιουργήσει σοβαρά προβλήματα στους μαθητές και στους καθηγητές των λυκείων.
Οι εκπρόσωποι της Μαθηματικής Εταιρίας σε χθεσινή συνέντευξη Τύπου τόνισαν ότι το νέο σύστημα εξετάσεων θα δημιουργήσει σοβαρά προβλήματα στους μαθητές και στους καθηγητές των λυκείων.
Οι εκπρόσωποι της Μαθηματικής Εταιρίας σε χθεσινή συνέντευξη Τύπου τόνισαν ότι το νέο σύστημα εξετάσεων θα δημιουργήσει σοβαρά προβλήματα στους μαθητές και στους καθηγητές των λυκείων.
Οι εκπρόσωποι της Μαθηματικής Εταιρίας σε χθεσινή συνέντευξη Τύπου τόνισαν ότι το νέο σύστημα εξετάσεων θα δημιουργήσει σοβαρά προβλήματα στους μαθητές και στους καθηγητές των λυκείων.
Οι εκπρόσωποι της Μαθηματικής Εταιρίας σε χθεσινή συνέντευξη Τύπου τόνισαν ότι το νέο σύστημα εξετάσεων θα δημιουργήσει σοβαρά προβλήματα στους μαθητές και στους καθηγητές των λυκείων.
Οι εκπρόσωποι της Μαθηματικής Εταιρίας σε χθεσινή συνέντευξη Τύπου τόνισαν ότι το νέο σύστημα εξετάσεων θα δημιουργήσει σοβαρά προβλήματα στους μαθητές και στους καθηγητές των λυκείων.
Οι εκπρόσωποι της Μαθηματικής Εταιρίας σε χθεσινή συνέντευξη Τύπου τόνισαν ότι το νέο σύστημα εξετάσεων θα δημιουργήσει σοβαρά προβλήματα στους μαθητές και στους καθηγητές των λυκείων.
Οι εκπρόσωποι της Μαθηματικής Εταιρίας σε χθεσινή συνέντευξη Τύπου τόνισαν ότι το νέο σύστημα εξετάσεων θα δημιουργήσει σοβαρά προβλήματα στους μαθητές και στους καθηγητές των λυκείων.
Οι εκπρόσωποι της Μαθηματικής Εταιρίας σε χθεσινή συνέντευξη Τύπου τόνισαν ότι το νέο σύστημα εξετάσεων θα δημιουργήσει σοβαρά προβλήματα στους μαθητές και στους καθηγητές των λυκείων.
Οι εκπρόσωποι της Μαθηματικής Εταιρίας σε χθεσινή συνέντευξη Τύπου τόνισαν ότι το νέο σύστημα εξετάσεων θα δημιουργήσει σοβαρά προβλήματα στους μαθητές και στους καθηγητές των λυκείων.
Οι εκπρόσωποι της Μαθηματικής Εταιρίας σε χθεσινή συνέντευξη Τύπου τόνισαν ότι το νέο σύστημα εξετάσεων θα δημιουργήσει σοβαρά προβλήματα στους μαθητές και στους καθηγητές των λυκείων.
Εκδηλώσεις για τα παιδιά
Ανακοινώσεις
Οι εκπρόσωποι της Μαθηματικής Εταιρίας σε χθεσινή συνέντευξη Τύπου τόνισαν ότι το νέο σύστημα εξετάσεων θα δημιουργήσει σοβαρά προβλήματα στους μαθητές και στους καθηγητές των λυκείων.
Οι εκπρόσωποι της Μαθηματικής Εταιρίας σε χθεσινή συνέντευξη Τύπου τόνισαν ότι το νέο σύστημα εξετάσεων θα δημιουργήσει σοβαρά προβλήματα στους μαθητές και στους καθηγητές των λυκείων.
Συζήτηση για το «παραδοσιακό εκκλησιαστικό»
Οι εκπρόσωποι της Μαθηματικής Εταιρίας σε χθεσινή συνέντευξη Τύπου τόνισαν ότι το νέο σύστημα εξετάσεων θα δημιουργήσει σοβαρά προβλήματα στους μαθητές και στους καθηγητές των λυκείων.
Οι εκπρόσωποι της Μαθηματικής Εταιρίας σε χθεσινή συνέντευξη Τύπου τόνισαν ότι το νέο σύστημα εξετάσεων θα δημιουργήσει σοβαρά προβλήματα στους μαθητές και στους καθηγητές των λυκείων.
Οι εκπρόσωποι της Μαθηματικής Εταιρίας σε χθεσινή συνέντευξη Τύπου τόνισαν ότι το νέο σύστημα εξετάσεων θα δημιουργήσει σοβαρά προβλήματα στους μαθητές και στους καθηγητές των λυκείων.
Εκδήλωση για το Συνέδριο της ΚΝΕ
Οι εκπρόσωποι της Μαθηματικής Εταιρίας σε χθεσινή συνέντευξη Τύπου τόνισαν ότι το νέο σύστημα εξετάσεων θα δημιουργήσει σοβαρά προβλήματα στους μαθητές και στους καθηγητές των λυκείων.
Οι εκπρόσωποι της Μαθηματικής Εταιρίας σε χθεσινή συνέντευξη Τύπου τόνισαν ότι το νέο σύστημα εξετάσεων θα δημιουργήσει σοβαρά προβλήματα στους μαθητές και στους καθηγητές των λυκείων.
Οι εκπρόσωποι της Μαθηματικής Εταιρίας σε χθεσινή συνέντευξη Τύπου τόνισαν ότι το νέο σύστημα εξετάσεων θα δημιουργήσει σοβαρά προβλήματα στους μαθητές και στους καθηγητές των λυκείων.
Εκδήλωση για το Γρηγόρη Λαμπράκη
Οι εκπρόσωποι της Μαθηματικής Εταιρίας σε χθεσινή συνέντευξη Τύπου τόνισαν ότι το νέο σύστημα εξετάσεων θα δημιουργήσει σοβαρά προβλήματα στους μαθητές και στους καθηγητές των λυκείων.
Οι εκπρόσωποι της Μαθηματικής Εταιρίας σε χθεσινή συνέντευξη Τύπου τόνισαν ότι το νέο σύστημα εξετάσεων θα δημιουργήσει σοβαρά προβλήματα στους μαθητές και στους καθηγητές των λυκείων.
Εκδήλωση για τον Κομουνιστή Κων
Οι εκπρόσωποι της Μαθηματικής Εταιρίας σε χθεσινή συνέντευξη Τύπου τόνισαν ότι το νέο σύστημα εξετάσεων θα δημιουργήσει σοβαρά προβλήματα στους μαθητές και στους καθηγητές των λυκείων.
